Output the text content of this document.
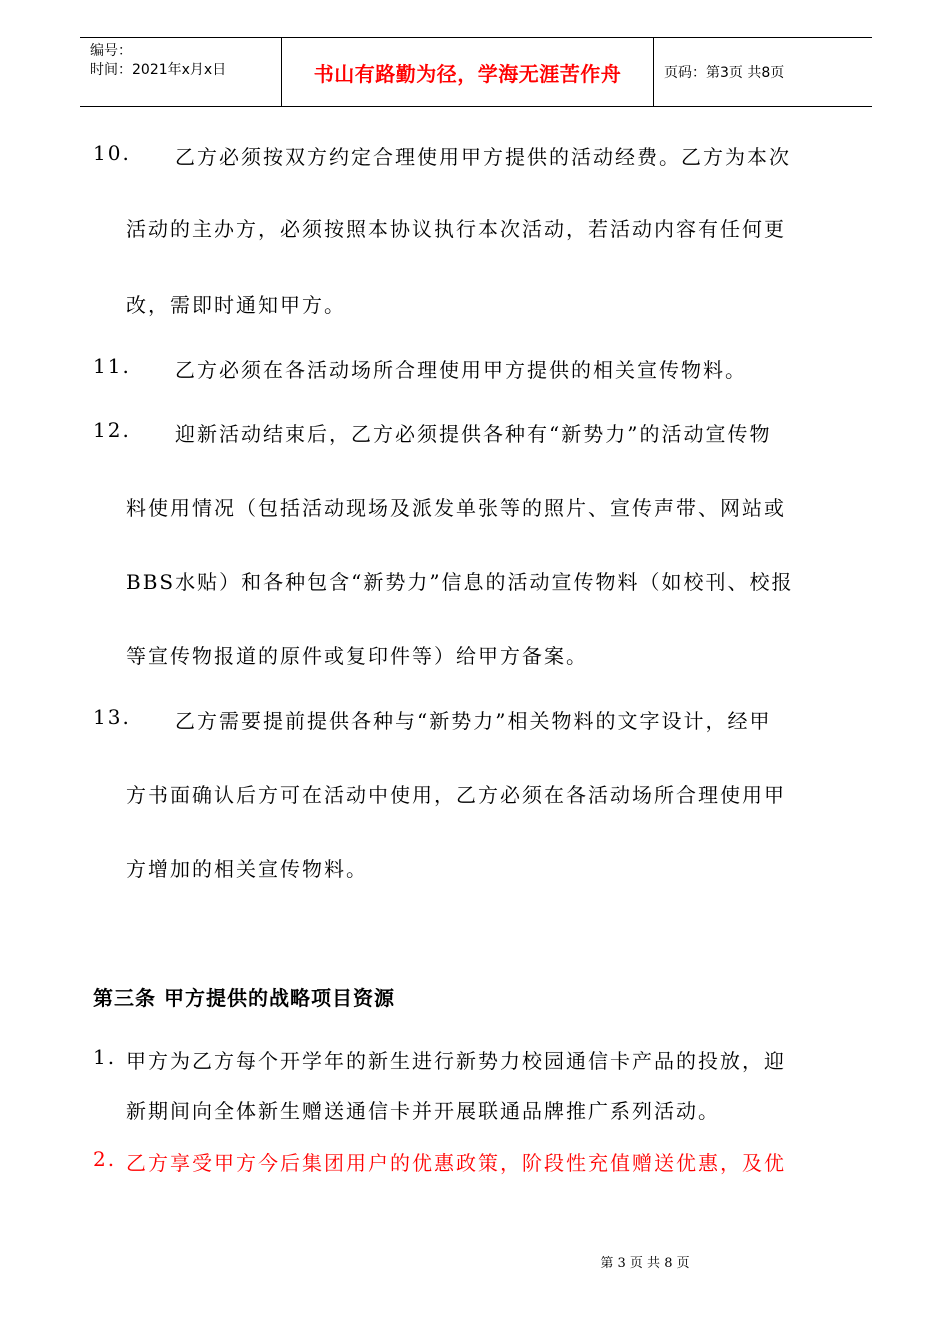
编号：
时间：2021年x月x日	书山有路勤为径，学海无涯苦作舟	页码：第3页 共8页
10. 乙方必须按双方约定合理使用甲方提供的活动经费。乙方为本次
活动的主办方，必须按照本协议执行本次活动，若活动内容有任何更
改，需即时通知甲方。
11. 乙方必须在各活动场所合理使用甲方提供的相关宣传物料。
12. 迎新活动结束后，乙方必须提供各种有“新势力”的活动宣传物
料使用情况（包括活动现场及派发单张等的照片、宣传声带、网站或
BBS水贴）和各种包含“新势力”信息的活动宣传物料（如校刊、校报
等宣传物报道的原件或复印件等）给甲方备案。
13. 乙方需要提前提供各种与“新势力”相关物料的文字设计，经甲
方书面确认后方可在活动中使用，乙方必须在各活动场所合理使用甲
方增加的相关宣传物料。
第三条 甲方提供的战略项目资源
1. 甲方为乙方每个开学年的新生进行新势力校园通信卡产品的投放，迎
新期间向全体新生赠送通信卡并开展联通品牌推广系列活动。
2. 乙方享受甲方今后集团用户的优惠政策，阶段性充值赠送优惠，及优
第 3 页 共 8 页
